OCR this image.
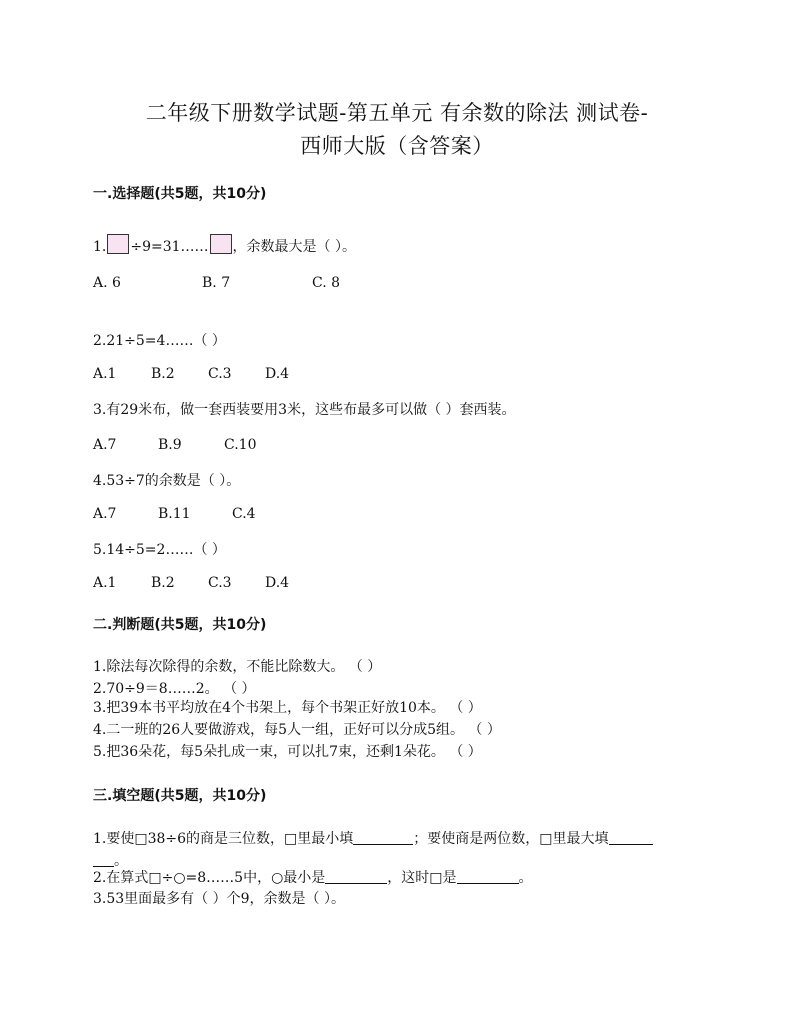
二年级下册数学试题-第五单元 有余数的除法 测试卷-
西师大版（含答案）
一.选择题(共5题，共10分)
1. ÷9=31…… ，余数最大是（ ）。
A. 6	B. 7	C. 8
2.21÷5=4……（ ）
A.1 B.2 C.3 D.4
3.有29米布，做一套西装要用3米，这些布最多可以做（ ）套西装。
A.7	B.9	C.10
4.53÷7的余数是（ ）。
A.7	B.11	C.4
5.14÷5=2……（ ）
A.1 B.2 C.3 D.4
二.判断题(共5题，共10分)
1.除法每次除得的余数，不能比除数大。 （ ）
2.70÷9＝8……2。 （ ）
3.把39本书平均放在4个书架上，每个书架正好放10本。 （ ）
4.二一班的26人要做游戏，每5人一组，正好可以分成5组。 （ ）
5.把36朵花，每5朵扎成一束，可以扎7束，还剩1朵花。 （ ）
三.填空题(共5题，共10分)
1.要使□38÷6的商是三位数，□里最小填	；要使商是两位数，□里最大填
。
2.在算式□÷○=8……5中，○最小是	，这时□是	。
3.53里面最多有（ ）个9，余数是（ ）。
